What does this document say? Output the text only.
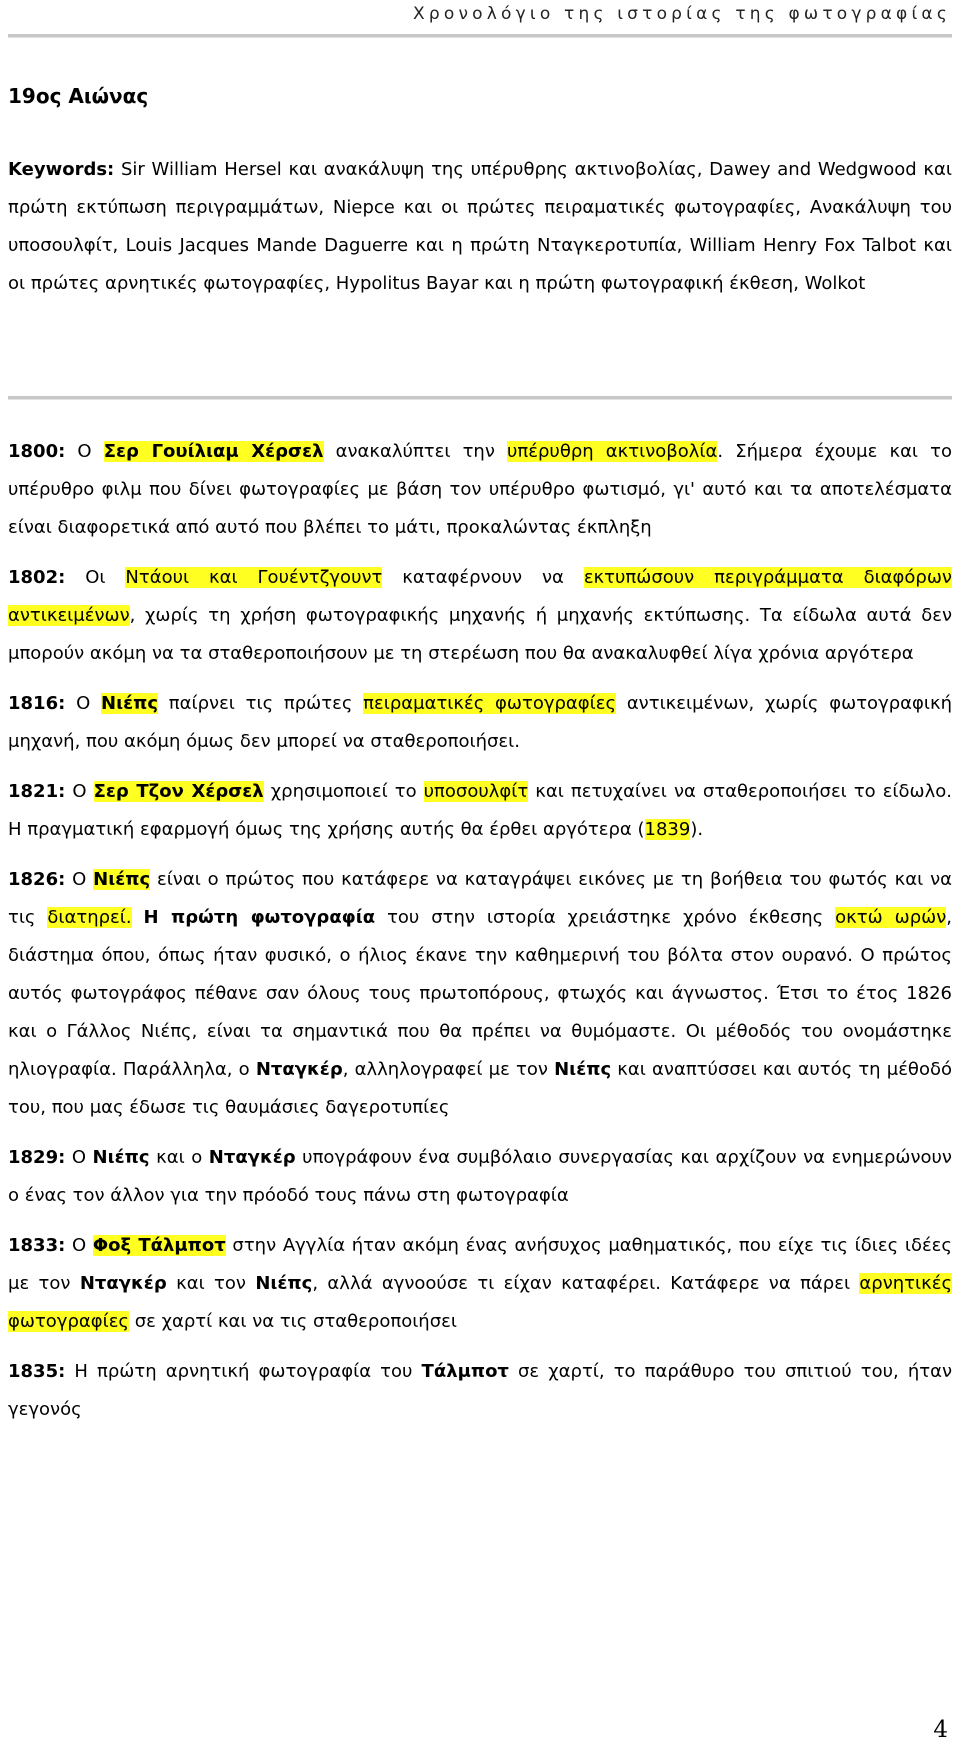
Χρονολόγιο της ιστορίας της φωτογραφίας
19ος Αιώνας

Keywords: Sir William Hersel και ανακάλυψη της υπέρυθρης ακτινοβολίας, Dawey and Wedgwood και πρώτη εκτύπωση περιγραμμάτων, Niepce και οι πρώτες πειραματικές φωτογραφίες, Ανακάλυψη του υποσουλφίτ, Louis Jacques Mande Daguerre και η πρώτη Νταγκεροτυπία, William Henry Fox Talbot και οι πρώτες αρνητικές φωτογραφίες, Hypolitus Bayar και η πρώτη φωτογραφική έκθεση, Wolkot

1800: Ο Σερ Γουίλιαμ Χέρσελ ανακαλύπτει την υπέρυθρη ακτινοβολία. Σήμερα έχουμε και το υπέρυθρο φιλμ που δίνει φωτογραφίες με βάση τον υπέρυθρο φωτισμό, γι' αυτό και τα αποτελέσματα είναι διαφορετικά από αυτό που βλέπει το μάτι, προκαλώντας έκπληξη

1802: Οι Ντάουι και Γουέντζγουντ καταφέρνουν να εκτυπώσουν περιγράμματα διαφόρων αντικειμένων, χωρίς τη χρήση φωτογραφικής μηχανής ή μηχανής εκτύπωσης. Τα είδωλα αυτά δεν μπορούν ακόμη να τα σταθεροποιήσουν με τη στερέωση που θα ανακαλυφθεί λίγα χρόνια αργότερα

1816: Ο Νιέπς παίρνει τις πρώτες πειραματικές φωτογραφίες αντικειμένων, χωρίς φωτογραφική μηχανή, που ακόμη όμως δεν μπορεί να σταθεροποιήσει.

1821: Ο Σερ Τζον Χέρσελ χρησιμοποιεί το υποσουλφίτ και πετυχαίνει να σταθεροποιήσει το είδωλο. Η πραγματική εφαρμογή όμως της χρήσης αυτής θα έρθει αργότερα (1839).

1826: Ο Νιέπς είναι ο πρώτος που κατάφερε να καταγράψει εικόνες με τη βοήθεια του φωτός και να τις διατηρεί. Η πρώτη φωτογραφία του στην ιστορία χρειάστηκε χρόνο έκθεσης οκτώ ωρών, διάστημα όπου, όπως ήταν φυσικό, ο ήλιος έκανε την καθημερινή του βόλτα στον ουρανό. Ο πρώτος αυτός φωτογράφος πέθανε σαν όλους τους πρωτοπόρους, φτωχός και άγνωστος. Έτσι το έτος 1826 και ο Γάλλος Νιέπς, είναι τα σημαντικά που θα πρέπει να θυμόμαστε. Οι μέθοδός του ονομάστηκε ηλιογραφία. Παράλληλα, ο Νταγκέρ, αλληλογραφεί με τον Νιέπς και αναπτύσσει και αυτός τη μέθοδό του, που μας έδωσε τις θαυμάσιες δαγεροτυπίες

1829: Ο Νιέπς και ο Νταγκέρ υπογράφουν ένα συμβόλαιο συνεργασίας και αρχίζουν να ενημερώνουν ο ένας τον άλλον για την πρόοδό τους πάνω στη φωτογραφία

1833: Ο Φοξ Τάλμποτ στην Αγγλία ήταν ακόμη ένας ανήσυχος μαθηματικός, που είχε τις ίδιες ιδέες με τον Νταγκέρ και τον Νιέπς, αλλά αγνοούσε τι είχαν καταφέρει. Κατάφερε να πάρει αρνητικές φωτογραφίες σε χαρτί και να τις σταθεροποιήσει

1835: Η πρώτη αρνητική φωτογραφία του Τάλμποτ σε χαρτί, το παράθυρο του σπιτιού του, ήταν γεγονός

4
